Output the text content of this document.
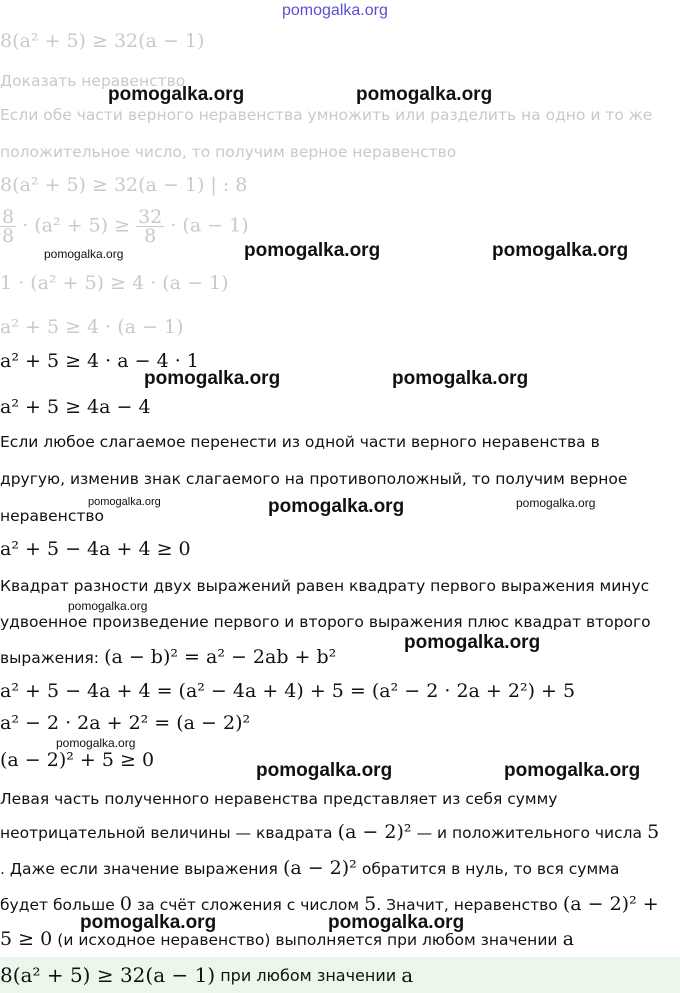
pomogalka.org
8(a² + 5) ≥ 32(a − 1)
Доказать неравенство
Если обе части верного неравенства умножить или разделить на одно и то же
положительное число, то получим верное неравенство
8(a² + 5) ≥ 32(a − 1) | : 8
$\frac{8}{8} \cdot (a^2 + 5) \ge \frac{32}{8} \cdot (a - 1)$
1 · (a² + 5) ≥ 4 · (a − 1)
a² + 5 ≥ 4 · (a − 1)
a² + 5 ≥ 4 · a − 4 · 1
a² + 5 ≥ 4a − 4
Если любое слагаемое перенести из одной части верного неравенства в
другую, изменив знак слагаемого на противоположный, то получим верное
неравенство
a² + 5 − 4a + 4 ≥ 0
Квадрат разности двух выражений равен квадрату первого выражения минус
удвоенное произведение первого и второго выражения плюс квадрат второго
выражения: (a − b)² = a² − 2ab + b²
a² + 5 − 4a + 4 = (a² − 4a + 4) + 5 = (a² − 2 · 2a + 2²) + 5
a² − 2 · 2a + 2² = (a − 2)²
(a − 2)² + 5 ≥ 0
Левая часть полученного неравенства представляет из себя сумму
неотрицательной величины — квадрата (a − 2)² — и положительного числа 5
. Даже если значение выражения (a − 2)² обратится в нуль, то вся сумма
будет больше 0 за счёт сложения с числом 5. Значит, неравенство (a − 2)² +
5 ≥ 0 (и исходное неравенство) выполняется при любом значении a
8(a² + 5) ≥ 32(a − 1)
при любом значении
a
pomogalka.org	pomogalka.org
pomogalka.org	pomogalka.org	pomogalka.org
pomogalka.org	pomogalka.org
pomogalka.org	pomogalka.org	pomogalka.org
pomogalka.org
pomogalka.org
pomogalka.org
pomogalka.org	pomogalka.org
pomogalka.org	pomogalka.org
